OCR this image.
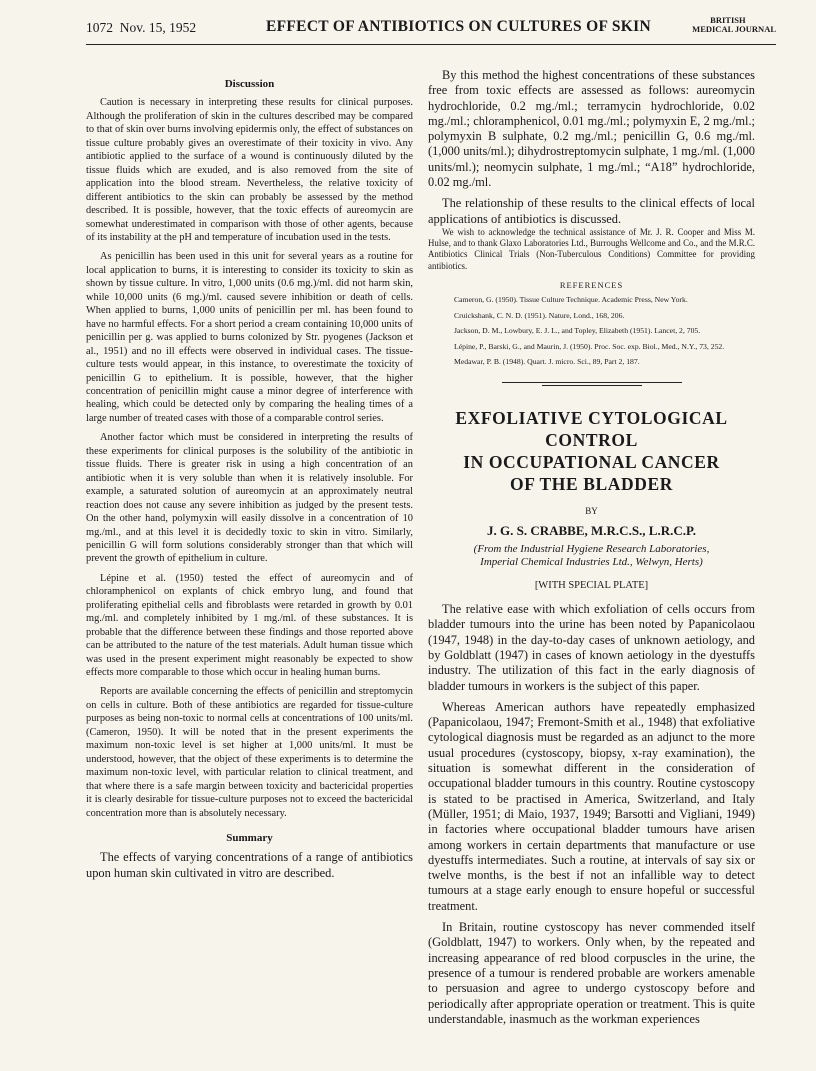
1072 Nov. 15, 1952	EFFECT OF ANTIBIOTICS ON CULTURES OF SKIN	BRITISH
MEDICAL JOURNAL
Discussion

Caution is necessary in interpreting these results for clinical purposes. Although the proliferation of skin in the cultures described may be compared to that of skin over burns involving epidermis only, the effect of substances on tissue culture probably gives an overestimate of their toxicity in vivo. Any antibiotic applied to the surface of a wound is continuously diluted by the tissue fluids which are exuded, and is also removed from the site of application into the blood stream. Nevertheless, the relative toxicity of different antibiotics to the skin can probably be assessed by the method described. It is possible, however, that the toxic effects of aureomycin are somewhat underestimated in comparison with those of other agents, because of its instability at the pH and temperature of incubation used in the tests.

As penicillin has been used in this unit for several years as a routine for local application to burns, it is interesting to consider its toxicity to skin as shown by tissue culture. In vitro, 1,000 units (0.6 mg.)/ml. did not harm skin, while 10,000 units (6 mg.)/ml. caused severe inhibition or death of cells. When applied to burns, 1,000 units of penicillin per ml. has been found to have no harmful effects. For a short period a cream containing 10,000 units of penicillin per g. was applied to burns colonized by Str. pyogenes (Jackson et al., 1951) and no ill effects were observed in individual cases. The tissue-culture tests would appear, in this instance, to overestimate the toxicity of penicillin G to epithelium. It is possible, however, that the higher concentration of penicillin might cause a minor degree of interference with healing, which could be detected only by comparing the healing times of a large number of treated cases with those of a comparable control series.

Another factor which must be considered in interpreting the results of these experiments for clinical purposes is the solubility of the antibiotic in tissue fluids. There is greater risk in using a high concentration of an antibiotic when it is very soluble than when it is relatively insoluble. For example, a saturated solution of aureomycin at an approximately neutral reaction does not cause any severe inhibition as judged by the present tests. On the other hand, polymyxin will easily dissolve in a concentration of 10 mg./ml., and at this level it is decidedly toxic to skin in vitro. Similarly, penicillin G will form solutions considerably stronger than that which will prevent the growth of epithelium in culture.

Lépine et al. (1950) tested the effect of aureomycin and of chloramphenicol on explants of chick embryo lung, and found that proliferating epithelial cells and fibroblasts were retarded in growth by 0.01 mg./ml. and completely inhibited by 1 mg./ml. of these substances. It is probable that the difference between these findings and those reported above can be attributed to the nature of the test materials. Adult human tissue which was used in the present experiment might reasonably be expected to show effects more comparable to those which occur in healing human burns.

Reports are available concerning the effects of penicillin and streptomycin on cells in culture. Both of these antibiotics are regarded for tissue-culture purposes as being non-toxic to normal cells at concentrations of 100 units/ml. (Cameron, 1950). It will be noted that in the present experiments the maximum non-toxic level is set higher at 1,000 units/ml. It must be understood, however, that the object of these experiments is to determine the maximum non-toxic level, with particular relation to clinical treatment, and that where there is a safe margin between toxicity and bactericidal properties it is clearly desirable for tissue-culture purposes not to exceed the bactericidal concentration more than is absolutely necessary.

Summary

The effects of varying concentrations of a range of antibiotics upon human skin cultivated in vitro are described.

By this method the highest concentrations of these substances free from toxic effects are assessed as follows: aureomycin hydrochloride, 0.2 mg./ml.; terramycin hydrochloride, 0.02 mg./ml.; chloramphenicol, 0.01 mg./ml.; polymyxin E, 2 mg./ml.; polymyxin B sulphate, 0.2 mg./ml.; penicillin G, 0.6 mg./ml. (1,000 units/ml.); dihydrostreptomycin sulphate, 1 mg./ml. (1,000 units/ml.); neomycin sulphate, 1 mg./ml.; “A18” hydrochloride, 0.02 mg./ml.

The relationship of these results to the clinical effects of local applications of antibiotics is discussed.

We wish to acknowledge the technical assistance of Mr. J. R. Cooper and Miss M. Hulse, and to thank Glaxo Laboratories Ltd., Burroughs Wellcome and Co., and the M.R.C. Antibiotics Clinical Trials (Non-Tuberculous Conditions) Committee for providing antibiotics.

REFERENCES

Cameron, G. (1950). Tissue Culture Technique. Academic Press, New York.

Cruickshank, C. N. D. (1951). Nature, Lond., 168, 206.

Jackson, D. M., Lowbury, E. J. L., and Topley, Elizabeth (1951). Lancet, 2, 705.

Lépine, P., Barski, G., and Maurin, J. (1950). Proc. Soc. exp. Biol., Med., N.Y., 73, 252.

Medawar, P. B. (1948). Quart. J. micro. Sci., 89, Part 2, 187.

EXFOLIATIVE CYTOLOGICAL CONTROL
IN OCCUPATIONAL CANCER
OF THE BLADDER
BY
J. G. S. CRABBE, M.R.C.S., L.R.C.P.
(From the Industrial Hygiene Research Laboratories,
Imperial Chemical Industries Ltd., Welwyn, Herts)
[WITH SPECIAL PLATE]

The relative ease with which exfoliation of cells occurs from bladder tumours into the urine has been noted by Papanicolaou (1947, 1948) in the day-to-day cases of unknown aetiology, and by Goldblatt (1947) in cases of known aetiology in the dyestuffs industry. The utilization of this fact in the early diagnosis of bladder tumours in workers is the subject of this paper.

Whereas American authors have repeatedly emphasized (Papanicolaou, 1947; Fremont-Smith et al., 1948) that exfoliative cytological diagnosis must be regarded as an adjunct to the more usual procedures (cystoscopy, biopsy, x-ray examination), the situation is somewhat different in the consideration of occupational bladder tumours in this country. Routine cystoscopy is stated to be practised in America, Switzerland, and Italy (Müller, 1951; di Maio, 1937, 1949; Barsotti and Vigliani, 1949) in factories where occupational bladder tumours have arisen among workers in certain departments that manufacture or use dyestuffs intermediates. Such a routine, at intervals of say six or twelve months, is the best if not an infallible way to detect tumours at a stage early enough to ensure hopeful or successful treatment.

In Britain, routine cystoscopy has never commended itself (Goldblatt, 1947) to workers. Only when, by the repeated and increasing appearance of red blood corpuscles in the urine, the presence of a tumour is rendered probable are workers amenable to persuasion and agree to undergo cystoscopy before and periodically after appropriate operation or treatment. This is quite understandable, inasmuch as the workman experiences
